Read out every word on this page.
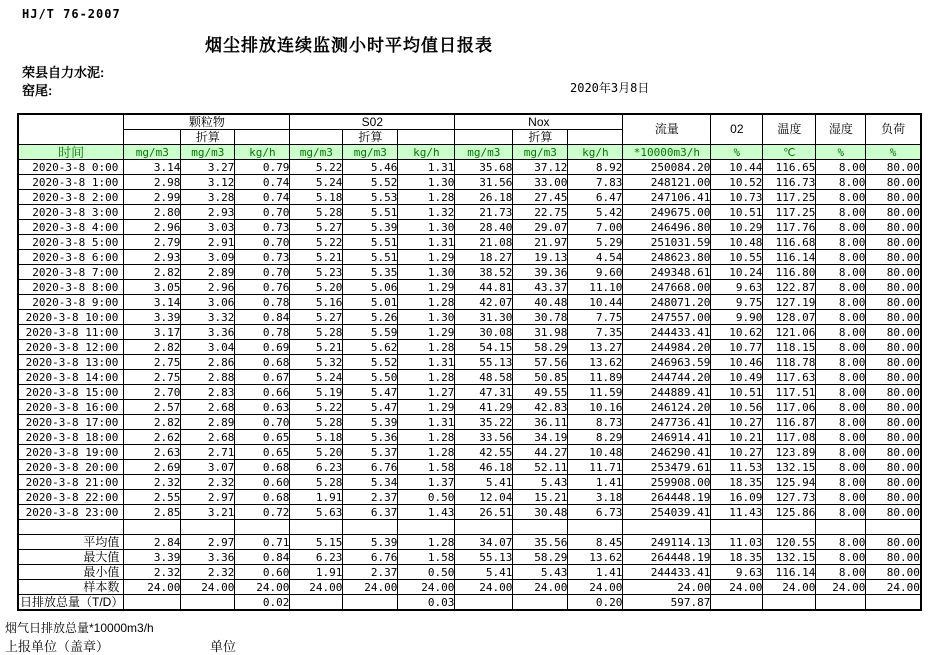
HJ/T 76-2007
烟尘排放连续监测小时平均值日报表
荣县自力水泥:
窑尾:	2020年3月8日
	颗粒物			S02			Nox			流量	02	温度	湿度	负荷
		折算			折算			折算						
时间	mg/m3	mg/m3	kg/h	mg/m3	mg/m3	kg/h	mg/m3	mg/m3	kg/h	*10000m3/h	%	℃	%	%
2020-3-8 0:00	3.14	3.27	0.79	5.22	5.46	1.31	35.68	37.12	8.92	250084.20	10.44	116.65	8.00	80.00
2020-3-8 1:00	2.98	3.12	0.74	5.24	5.52	1.30	31.56	33.00	7.83	248121.00	10.52	116.73	8.00	80.00
2020-3-8 2:00	2.99	3.28	0.74	5.18	5.53	1.28	26.18	27.45	6.47	247106.41	10.73	117.25	8.00	80.00
2020-3-8 3:00	2.80	2.93	0.70	5.28	5.51	1.32	21.73	22.75	5.42	249675.00	10.51	117.25	8.00	80.00
2020-3-8 4:00	2.96	3.03	0.73	5.27	5.39	1.30	28.40	29.07	7.00	246496.80	10.29	117.76	8.00	80.00
2020-3-8 5:00	2.79	2.91	0.70	5.22	5.51	1.31	21.08	21.97	5.29	251031.59	10.48	116.68	8.00	80.00
2020-3-8 6:00	2.93	3.09	0.73	5.21	5.51	1.29	18.27	19.13	4.54	248623.80	10.55	116.14	8.00	80.00
2020-3-8 7:00	2.82	2.89	0.70	5.23	5.35	1.30	38.52	39.36	9.60	249348.61	10.24	116.80	8.00	80.00
2020-3-8 8:00	3.05	2.96	0.76	5.20	5.06	1.29	44.81	43.37	11.10	247668.00	9.63	122.87	8.00	80.00
2020-3-8 9:00	3.14	3.06	0.78	5.16	5.01	1.28	42.07	40.48	10.44	248071.20	9.75	127.19	8.00	80.00
2020-3-8 10:00	3.39	3.32	0.84	5.27	5.26	1.30	31.30	30.78	7.75	247557.00	9.90	128.07	8.00	80.00
2020-3-8 11:00	3.17	3.36	0.78	5.28	5.59	1.29	30.08	31.98	7.35	244433.41	10.62	121.06	8.00	80.00
2020-3-8 12:00	2.82	3.04	0.69	5.21	5.62	1.28	54.15	58.29	13.27	244984.20	10.77	118.15	8.00	80.00
2020-3-8 13:00	2.75	2.86	0.68	5.32	5.52	1.31	55.13	57.56	13.62	246963.59	10.46	118.78	8.00	80.00
2020-3-8 14:00	2.75	2.88	0.67	5.24	5.50	1.28	48.58	50.85	11.89	244744.20	10.49	117.63	8.00	80.00
2020-3-8 15:00	2.70	2.83	0.66	5.19	5.47	1.27	47.31	49.55	11.59	244889.41	10.51	117.51	8.00	80.00
2020-3-8 16:00	2.57	2.68	0.63	5.22	5.47	1.29	41.29	42.83	10.16	246124.20	10.56	117.06	8.00	80.00
2020-3-8 17:00	2.82	2.89	0.70	5.28	5.39	1.31	35.22	36.11	8.73	247736.41	10.27	116.87	8.00	80.00
2020-3-8 18:00	2.62	2.68	0.65	5.18	5.36	1.28	33.56	34.19	8.29	246914.41	10.21	117.08	8.00	80.00
2020-3-8 19:00	2.63	2.71	0.65	5.20	5.37	1.28	42.55	44.27	10.48	246290.41	10.27	123.89	8.00	80.00
2020-3-8 20:00	2.69	3.07	0.68	6.23	6.76	1.58	46.18	52.11	11.71	253479.61	11.53	132.15	8.00	80.00
2020-3-8 21:00	2.32	2.32	0.60	5.28	5.34	1.37	5.41	5.43	1.41	259908.00	18.35	125.94	8.00	80.00
2020-3-8 22:00	2.55	2.97	0.68	1.91	2.37	0.50	12.04	15.21	3.18	264448.19	16.09	127.73	8.00	80.00
2020-3-8 23:00	2.85	3.21	0.72	5.63	6.37	1.43	26.51	30.48	6.73	254039.41	11.43	125.86	8.00	80.00

平均值	2.84	2.97	0.71	5.15	5.39	1.28	34.07	35.56	8.45	249114.13	11.03	120.55	8.00	80.00
最大值	3.39	3.36	0.84	6.23	6.76	1.58	55.13	58.29	13.62	264448.19	18.35	132.15	8.00	80.00
最小值	2.32	2.32	0.60	1.91	2.37	0.50	5.41	5.43	1.41	244433.41	9.63	116.14	8.00	80.00
样本数	24.00	24.00	24.00	24.00	24.00	24.00	24.00	24.00	24.00	24.00	24.00	24.00	24.00	24.00
日排放总量（T/D）			0.02			0.03			0.20	597.87				
烟气日排放总量*10000m3/h
上报单位（盖章）	单位
